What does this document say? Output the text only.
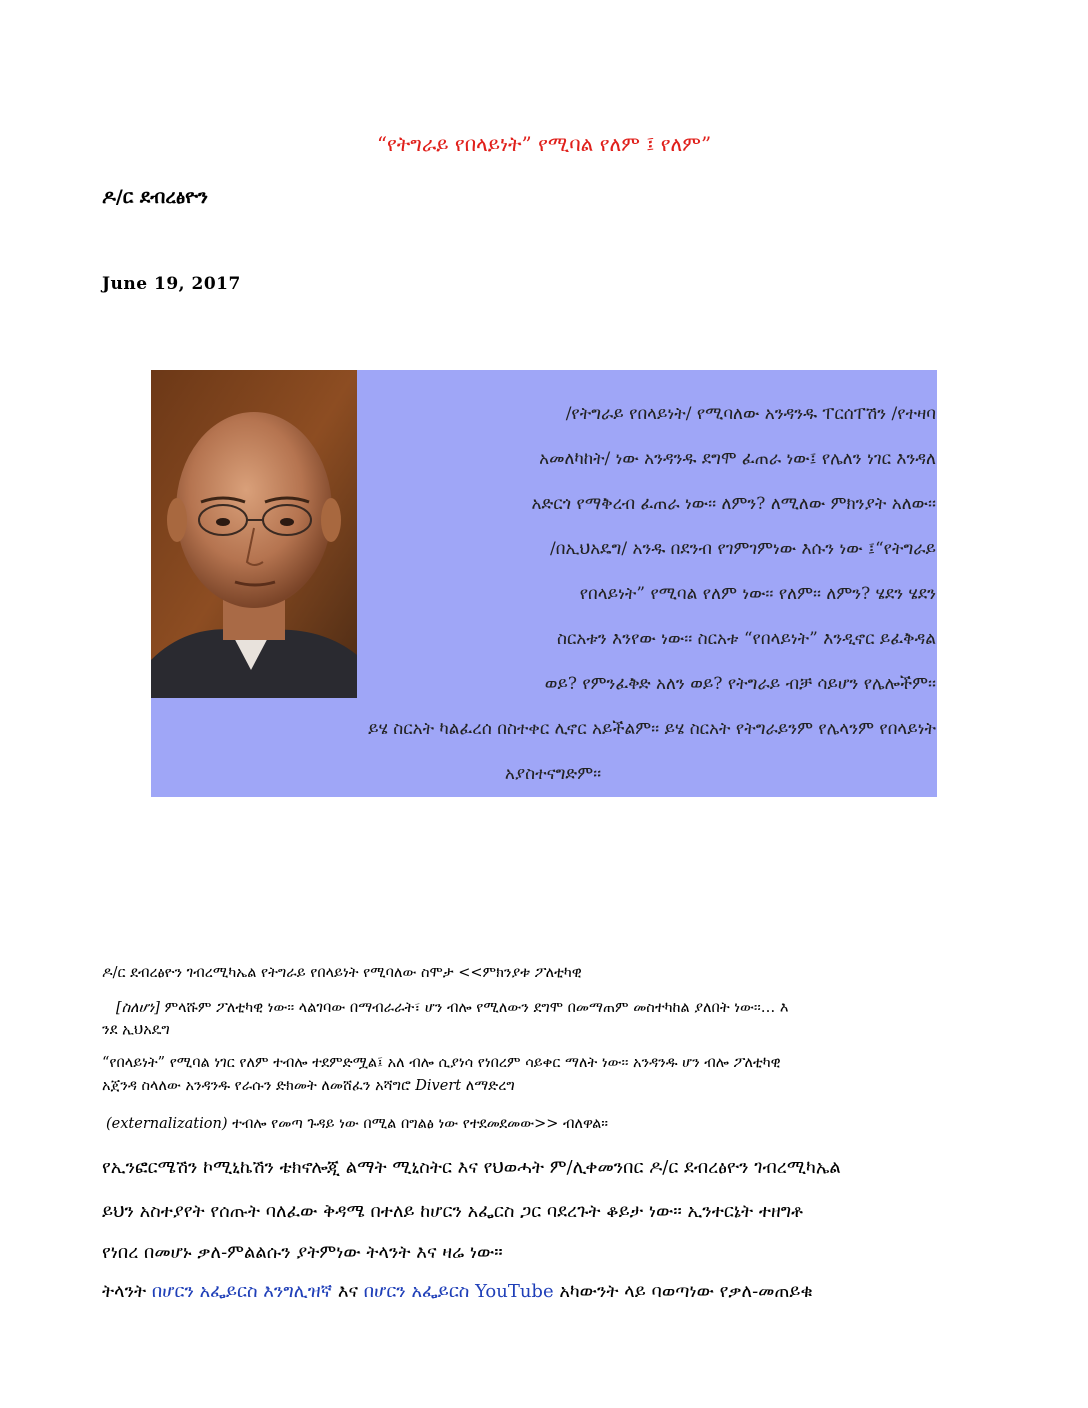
“የትግራይ የበላይነት” የሚባል የለም ፤ የለም”
ዶ/ር ደብረፅዮን
June 19, 2017
/የትግራይ የበላይነት/ የሚባለው አንዳንዱ ፐርሰፐሽን /የተዛባ
አመለካከት/ ነው አንዳንዱ ደግሞ ፈጠራ ነው፤ የሌለን ነገር እንዳለ
አድርጎ የማቅረብ ፈጠራ ነው፡፡ ለምን? ለሚለው ምክንያት አለው፡፡
/በኢህአዴግ/ አንዱ በደንብ የገምገምነው እሱን ነው ፤“የትግራይ
የበላይነት” የሚባል የለም ነው፡፡ የለም፡፡ ለምን? ሄደን ሄደን
ስርአቱን እንየው ነው፡፡ ስርአቱ “የበላይነት” እንዲኖር ይፈቅዳል
ወይ? የምንፈቅድ አለን ወይ? የትግራይ ብቻ ሳይሆን የሌሎችም፡፡
ይሄ ስርአት ካልፈረሰ በስተቀር ሊኖር አይችልም፡፡ ይሄ ስርአት የትግራይንም የሌላንም የበላይነት
አያስተናግድም፡፡
ዶ/ር ደብረፅዮን ገብረሚካኤል የትግራይ የበላይነት የሚባለው ስሞታ <<ምክንያቱ ፖለቲካዊ
[ስለሆነ] ምላሹም ፖለቲካዊ ነው፡፡ ላልገባው በማብራራት፣ ሆን ብሎ የሚለውን ደግሞ በመማጠም መስተካከል ያለበት ነው፡፡… እ
ንደ ኢህአዴግ
“የበላይነት” የሚባል ነገር የለም ተብሎ ተደምድሟል፤ አለ ብሎ ሲያነሳ የነበረም ሳይቀር ማለት ነው፡፡ አንዳንዱ ሆን ብሎ ፖለቲካዊ
አጀንዳ ስላለው አንዳንዱ የራሱን ድክመት ለመሸፈን አሻግሮ Divert ለማድረግ
(externalization) ተብሎ የመጣ ጉዳይ ነው በሚል በግልፅ ነው የተደመደመው>> ብለዋል።
የኢንፎርሜሽን ኮሚኒኬሽን ቴክኖሎጂ ልማት ሚኒስትር እና የህወሓት ም/ሊቀመንበር ዶ/ር ደብረፅዮን ገብረሚካኤል
ይህን አስተያየት የሰጡት ባለፈው ቅዳሜ በተለይ ከሆርን አፌርስ ጋር ባደረጉት ቆይታ ነው፡፡ ኢንተርኔት ተዘግቶ
የነበረ በመሆኑ ቃለ-ምልልሱን ያትምነው ትላንት እና ዛሬ ነው።
ትላንት በሆርን አፌይርስ እንግሊዝኛ እና በሆርን አፌይርስ YouTube አካውንት ላይ ባወጣነው የቃለ-መጠይቁ
